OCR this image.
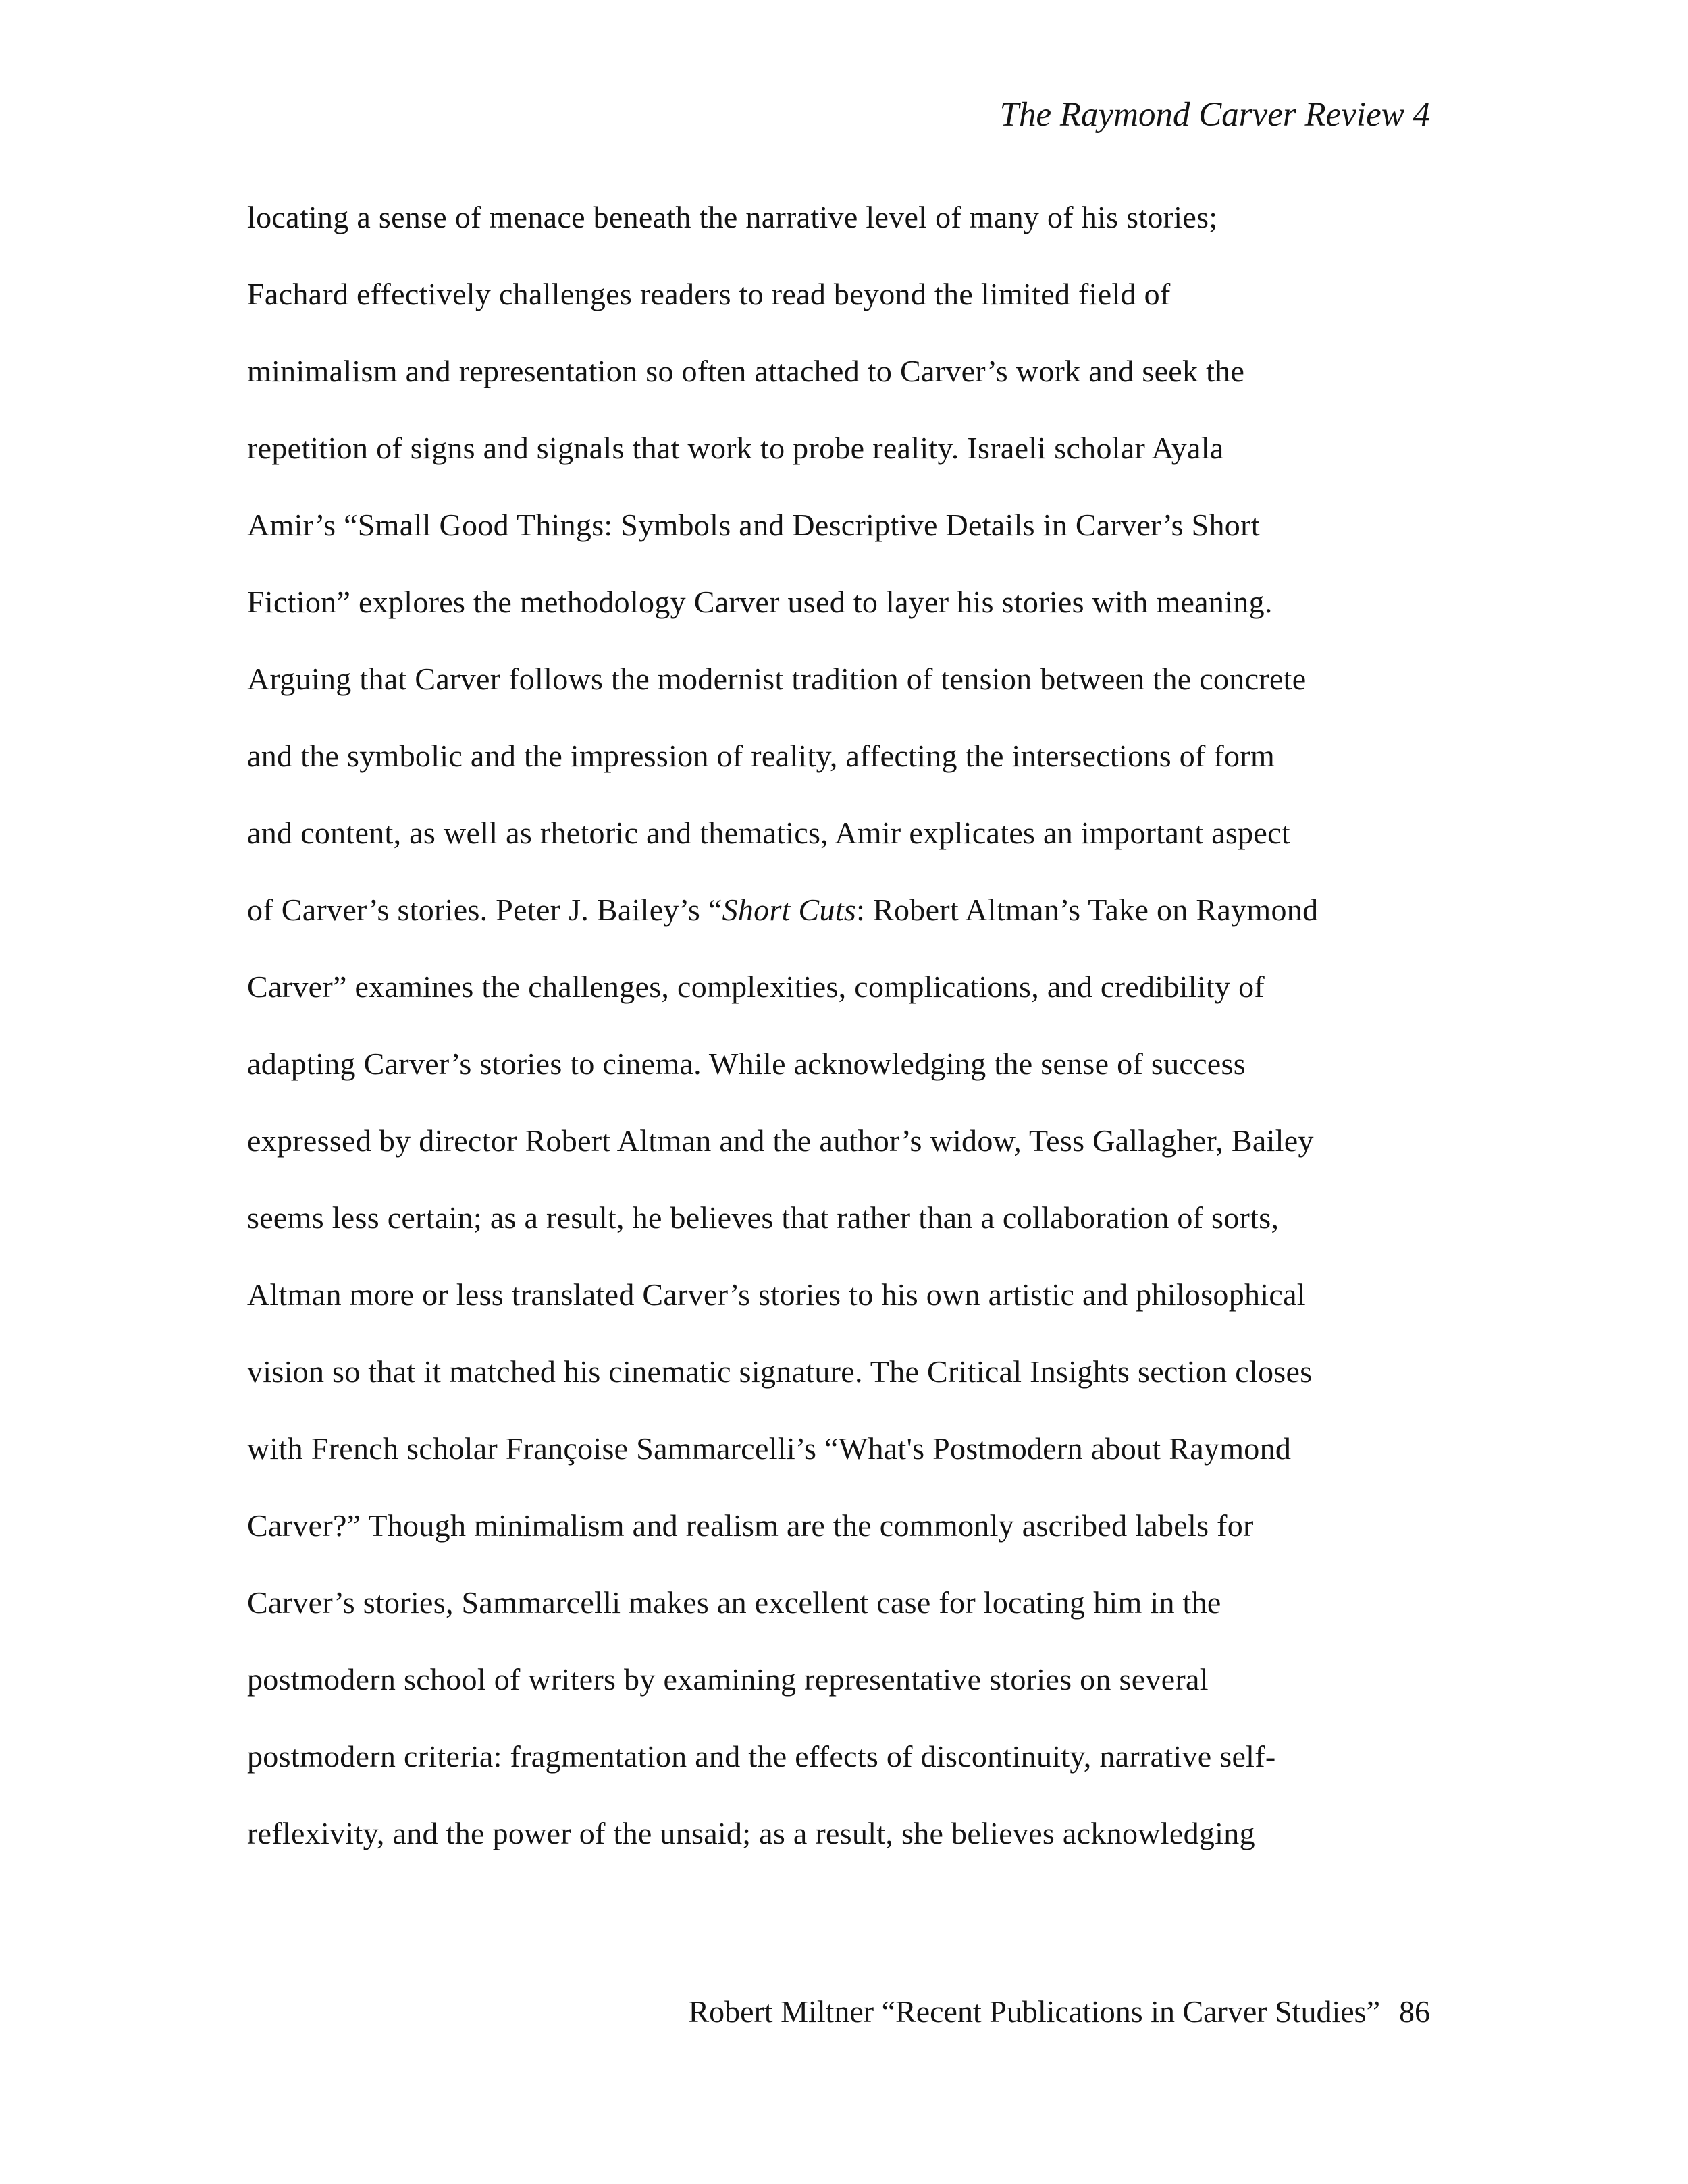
The Raymond Carver Review 4
locating a sense of menace beneath the narrative level of many of his stories;
Fachard effectively challenges readers to read beyond the limited field of
minimalism and representation so often attached to Carver’s work and seek the
repetition of signs and signals that work to probe reality. Israeli scholar Ayala
Amir’s “Small Good Things: Symbols and Descriptive Details in Carver’s Short
Fiction” explores the methodology Carver used to layer his stories with meaning.
Arguing that Carver follows the modernist tradition of tension between the concrete
and the symbolic and the impression of reality, affecting the intersections of form
and content, as well as rhetoric and thematics, Amir explicates an important aspect
of Carver’s stories. Peter J. Bailey’s “Short Cuts: Robert Altman’s Take on Raymond
Carver” examines the challenges, complexities, complications, and credibility of
adapting Carver’s stories to cinema. While acknowledging the sense of success
expressed by director Robert Altman and the author’s widow, Tess Gallagher, Bailey
seems less certain; as a result, he believes that rather than a collaboration of sorts,
Altman more or less translated Carver’s stories to his own artistic and philosophical
vision so that it matched his cinematic signature. The Critical Insights section closes
with French scholar Françoise Sammarcelli’s “What's Postmodern about Raymond
Carver?” Though minimalism and realism are the commonly ascribed labels for
Carver’s stories, Sammarcelli makes an excellent case for locating him in the
postmodern school of writers by examining representative stories on several
postmodern criteria: fragmentation and the effects of discontinuity, narrative self-
reflexivity, and the power of the unsaid; as a result, she believes acknowledging
Robert Miltner “Recent Publications in Carver Studies” 86
